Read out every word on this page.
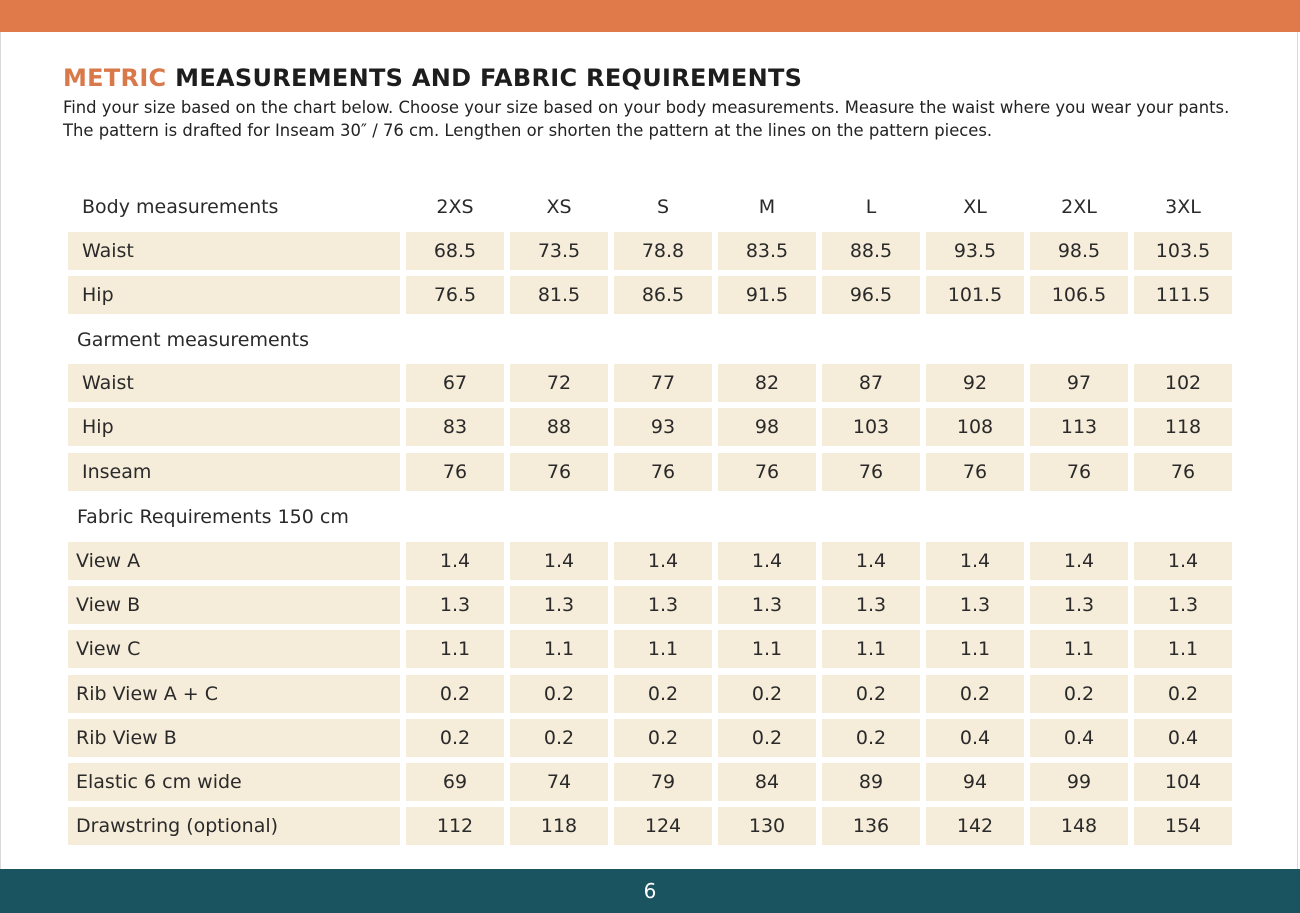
METRIC MEASUREMENTS AND FABRIC REQUIREMENTS

Find your size based on the chart below. Choose your size based on your body measurements. Measure the waist where you wear your pants. The pattern is drafted for Inseam 30″ / 76 cm. Lengthen or shorten the pattern at the lines on the pattern pieces.

Body measurements	2XS	XS	S	M	L	XL	2XL	3XL
Waist	68.5	73.5	78.8	83.5	88.5	93.5	98.5	103.5
Hip	76.5	81.5	86.5	91.5	96.5	101.5	106.5	111.5
Garment measurements
Waist	67	72	77	82	87	92	97	102
Hip	83	88	93	98	103	108	113	118
Inseam	76	76	76	76	76	76	76	76
Fabric Requirements 150 cm
View A	1.4	1.4	1.4	1.4	1.4	1.4	1.4	1.4
View B	1.3	1.3	1.3	1.3	1.3	1.3	1.3	1.3
View C	1.1	1.1	1.1	1.1	1.1	1.1	1.1	1.1
Rib View A + C	0.2	0.2	0.2	0.2	0.2	0.2	0.2	0.2
Rib View B	0.2	0.2	0.2	0.2	0.2	0.4	0.4	0.4
Elastic 6 cm wide	69	74	79	84	89	94	99	104
Drawstring (optional)	112	118	124	130	136	142	148	154
6
